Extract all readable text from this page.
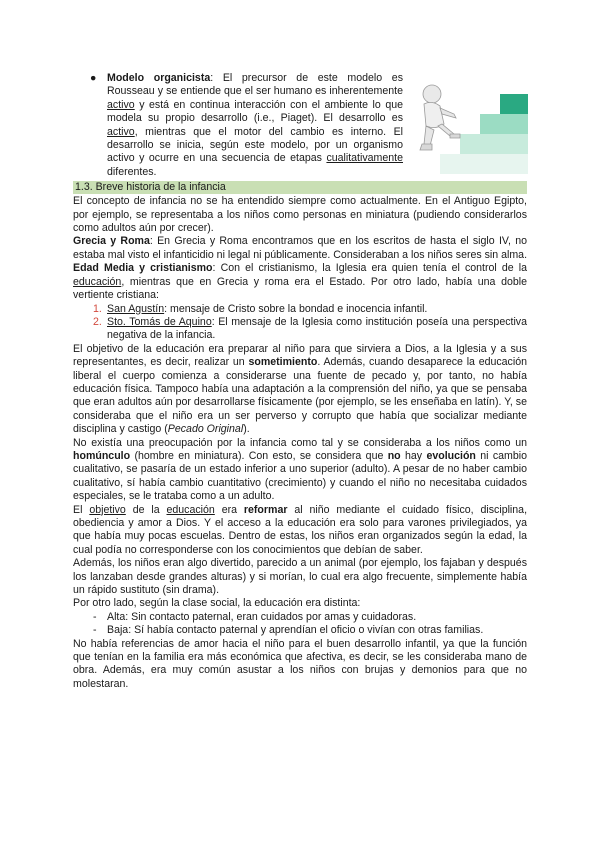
● Modelo organicista: El precursor de este modelo es Rousseau y se entiende que el ser humano es inherentemente activo y está en continua interacción con el ambiente lo que modela su propio desarrollo (i.e., Piaget). El desarrollo es activo, mientras que el motor del cambio es interno. El desarrollo se inicia, según este modelo, por un organismo activo y ocurre en una secuencia de etapas cualitativamente diferentes.

1.3. Breve historia de la infancia

El concepto de infancia no se ha entendido siempre como actualmente. En el Antiguo Egipto, por ejemplo, se representaba a los niños como personas en miniatura (pudiendo considerarlos como adultos aún por crecer).

Grecia y Roma: En Grecia y Roma encontramos que en los escritos de hasta el siglo IV, no estaba mal visto el infanticidio ni legal ni públicamente. Consideraban a los niños seres sin alma.

Edad Media y cristianismo: Con el cristianismo, la Iglesia era quien tenía el control de la educación, mientras que en Grecia y roma era el Estado. Por otro lado, había una doble vertiente cristiana:

1. San Agustín: mensaje de Cristo sobre la bondad e inocencia infantil.
2. Sto. Tomás de Aquino: El mensaje de la Iglesia como institución poseía una perspectiva negativa de la infancia.

El objetivo de la educación era preparar al niño para que sirviera a Dios, a la Iglesia y a sus representantes, es decir, realizar un sometimiento. Además, cuando desaparece la educación liberal el cuerpo comienza a considerarse una fuente de pecado y, por tanto, no había educación física. Tampoco había una adaptación a la comprensión del niño, ya que se pensaba que eran adultos aún por desarrollarse físicamente (por ejemplo, se les enseñaba en latín). Y, se consideraba que el niño era un ser perverso y corrupto que había que socializar mediante disciplina y castigo (Pecado Original).

No existía una preocupación por la infancia como tal y se consideraba a los niños como un homúnculo (hombre en miniatura). Con esto, se considera que no hay evolución ni cambio cualitativo, se pasaría de un estado inferior a uno superior (adulto). A pesar de no haber cambio cualitativo, sí había cambio cuantitativo (crecimiento) y cuando el niño no necesitaba cuidados especiales, se le trataba como a un adulto.

El objetivo de la educación era reformar al niño mediante el cuidado físico, disciplina, obediencia y amor a Dios. Y el acceso a la educación era solo para varones privilegiados, ya que había muy pocas escuelas. Dentro de estas, los niños eran organizados según la edad, la cual podía no corresponderse con los conocimientos que debían de saber.

Además, los niños eran algo divertido, parecido a un animal (por ejemplo, los fajaban y después los lanzaban desde grandes alturas) y si morían, lo cual era algo frecuente, simplemente había un rápido sustituto (sin drama).

Por otro lado, según la clase social, la educación era distinta:

- Alta: Sin contacto paternal, eran cuidados por amas y cuidadoras.
- Baja: Sí había contacto paternal y aprendían el oficio o vivían con otras familias.

No había referencias de amor hacia el niño para el buen desarrollo infantil, ya que la función que tenían en la familia era más económica que afectiva, es decir, se les consideraba mano de obra. Además, era muy común asustar a los niños con brujas y demonios para que no molestaran.
